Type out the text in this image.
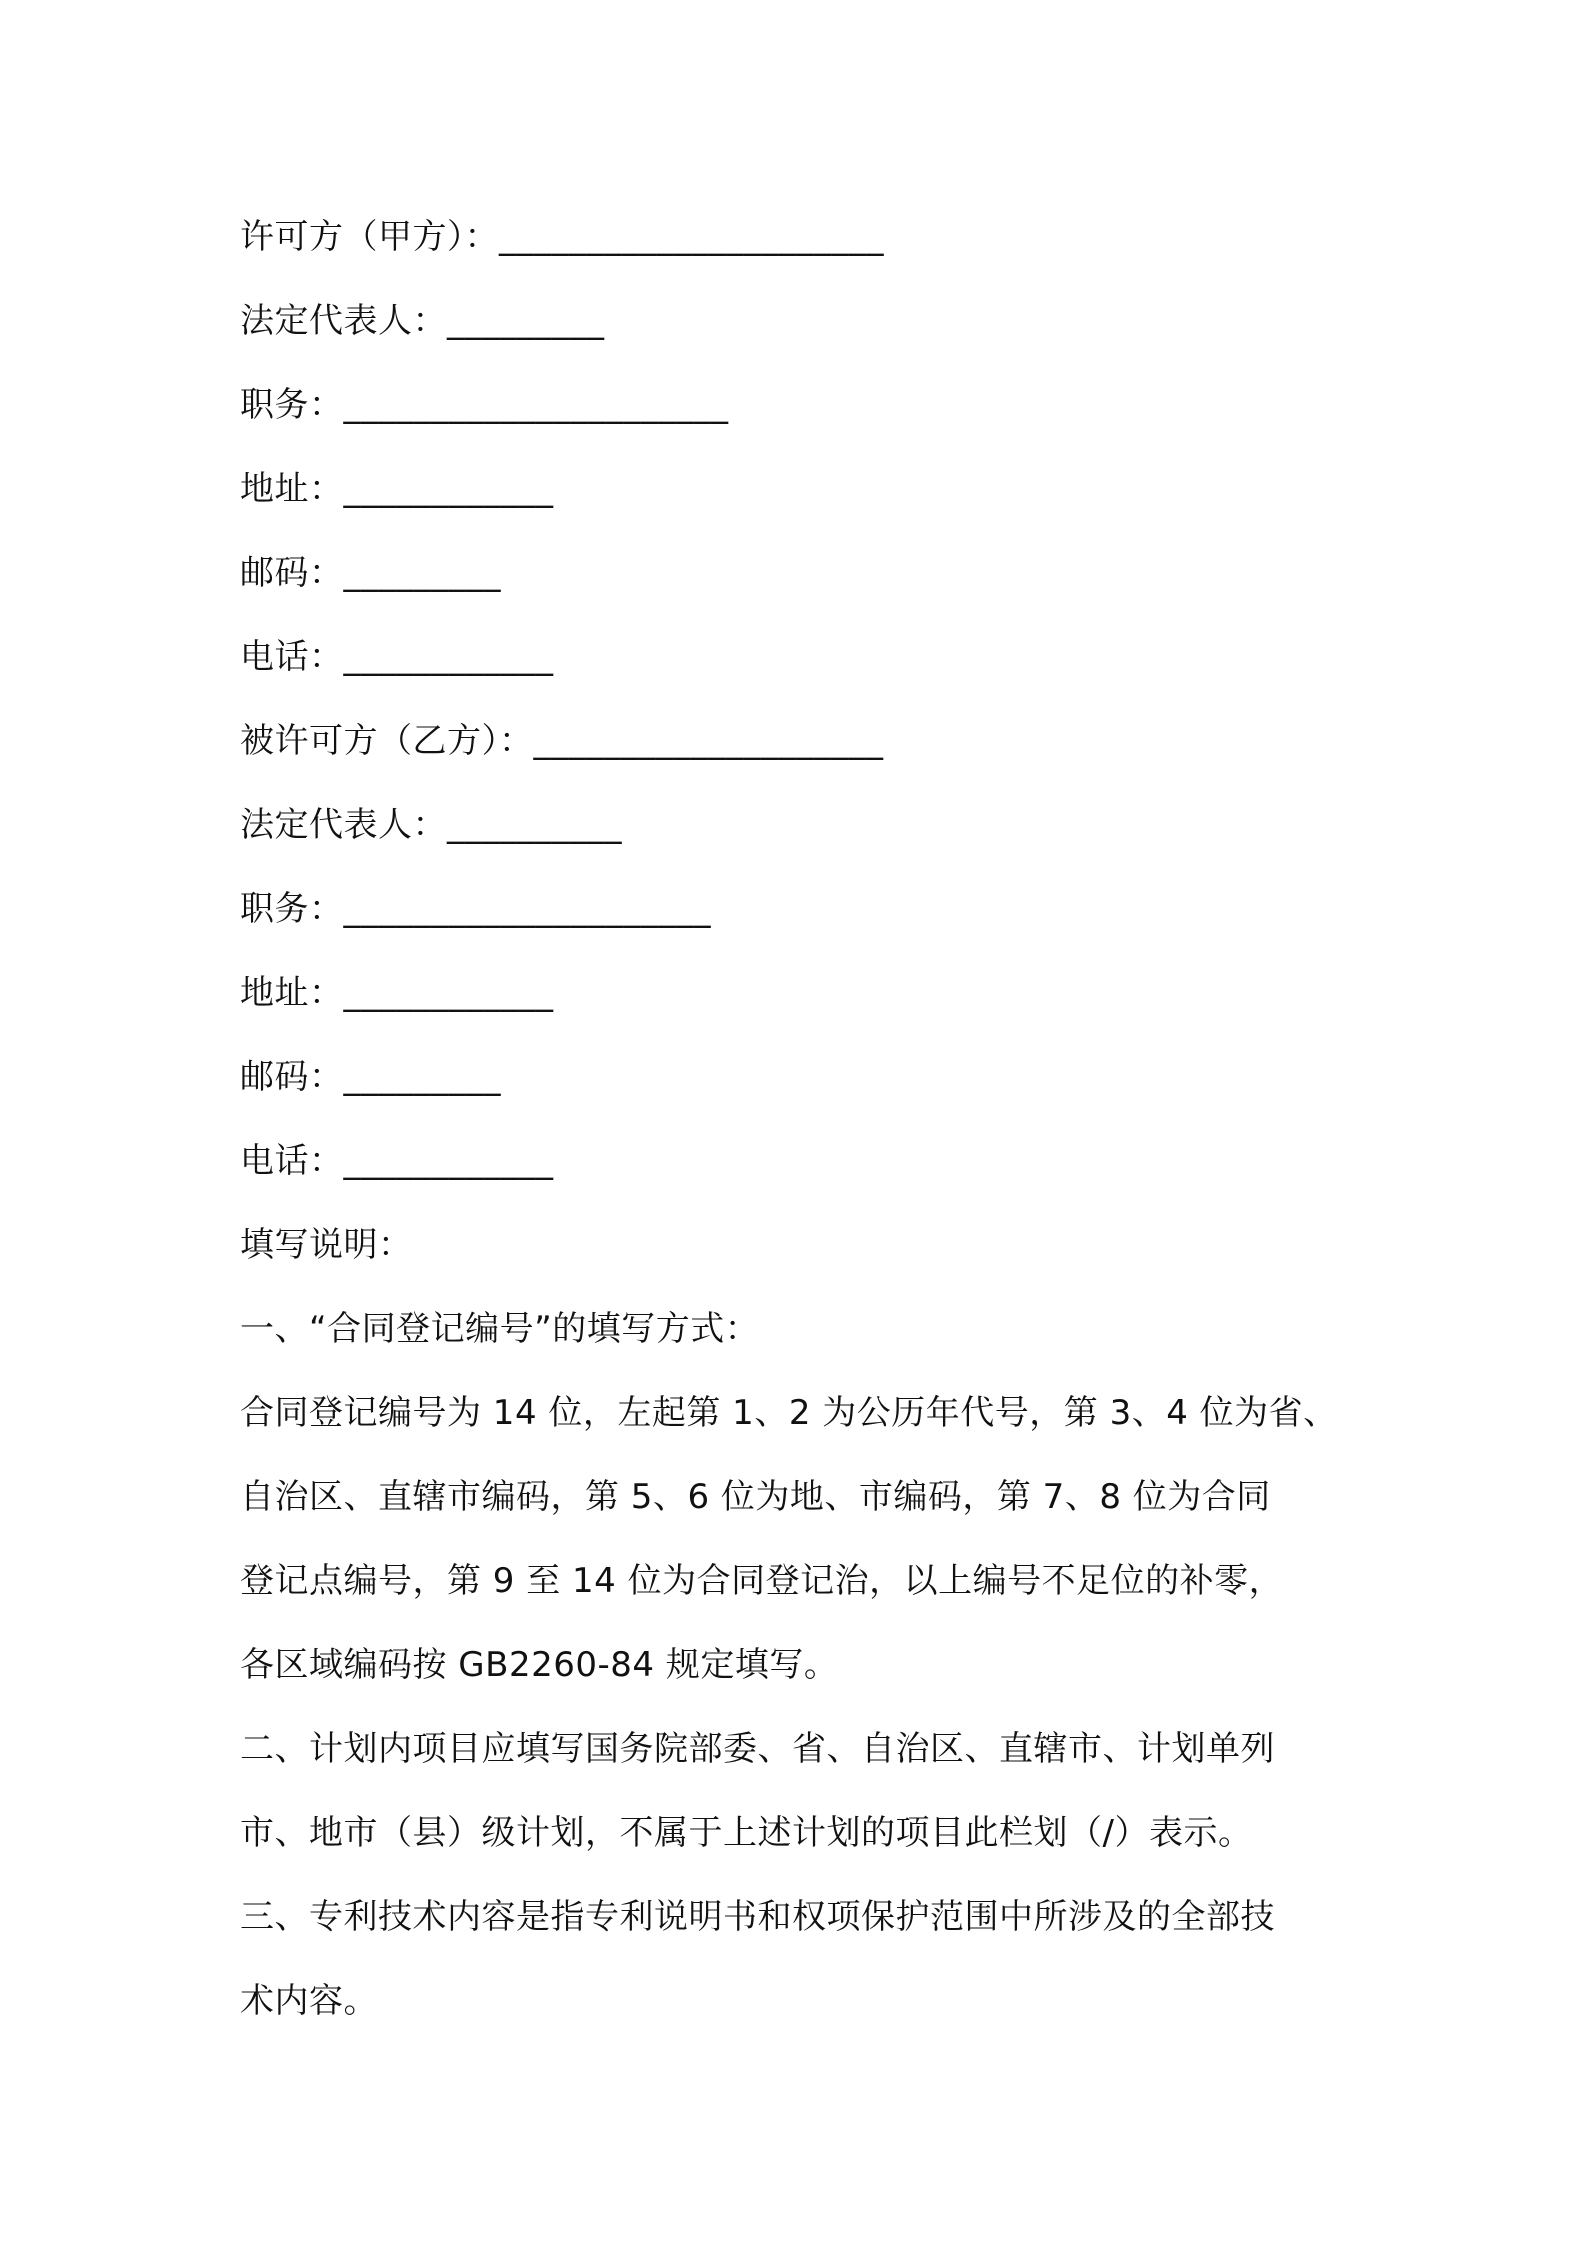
许可方（甲方）：______________________
法定代表人：_________
职务：______________________
地址：____________
邮码：_________
电话：____________
被许可方（乙方）：____________________
法定代表人：__________
职务：_____________________
地址：____________
邮码：_________
电话：____________
填写说明：
一、“合同登记编号”的填写方式：
合同登记编号为 14 位，左起第 1、2 为公历年代号，第 3、4 位为省、
自治区、直辖市编码，第 5、6 位为地、市编码，第 7、8 位为合同
登记点编号，第 9 至 14 位为合同登记治，以上编号不足位的补零，
各区域编码按 GB2260-84 规定填写。
二、计划内项目应填写国务院部委、省、自治区、直辖市、计划单列
市、地市（县）级计划，不属于上述计划的项目此栏划（/）表示。
三、专利技术内容是指专利说明书和权项保护范围中所涉及的全部技
术内容。
